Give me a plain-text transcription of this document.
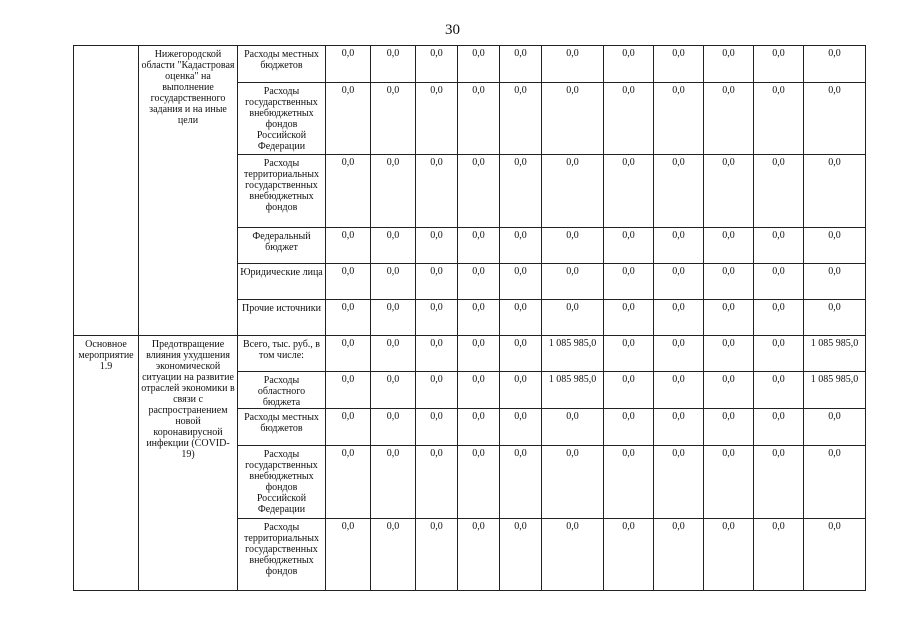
30
	Нижегородской области "Кадастровая оценка" на выполнение государственного задания и на иные цели	Расходы местных бюджетов	0,0	0,0	0,0	0,0	0,0	0,0	0,0	0,0	0,0	0,0	0,0
		Расходы государственных внебюджетных фондов Российской Федерации	0,0	0,0	0,0	0,0	0,0	0,0	0,0	0,0	0,0	0,0	0,0
		Расходы территориальных государственных внебюджетных фондов	0,0	0,0	0,0	0,0	0,0	0,0	0,0	0,0	0,0	0,0	0,0
		Федеральный бюджет	0,0	0,0	0,0	0,0	0,0	0,0	0,0	0,0	0,0	0,0	0,0
		Юридические лица	0,0	0,0	0,0	0,0	0,0	0,0	0,0	0,0	0,0	0,0	0,0
		Прочие источники	0,0	0,0	0,0	0,0	0,0	0,0	0,0	0,0	0,0	0,0	0,0
Основное мероприятие 1.9	Предотвращение влияния ухудшения экономической ситуации на развитие отраслей экономики в связи с распространением новой коронавирусной инфекции (COVID-19)	Всего, тыс. руб., в том числе:	0,0	0,0	0,0	0,0	0,0	1 085 985,0	0,0	0,0	0,0	0,0	1 085 985,0
		Расходы областного бюджета	0,0	0,0	0,0	0,0	0,0	1 085 985,0	0,0	0,0	0,0	0,0	1 085 985,0
		Расходы местных бюджетов	0,0	0,0	0,0	0,0	0,0	0,0	0,0	0,0	0,0	0,0	0,0
		Расходы государственных внебюджетных фондов Российской Федерации	0,0	0,0	0,0	0,0	0,0	0,0	0,0	0,0	0,0	0,0	0,0
		Расходы территориальных государственных внебюджетных фондов	0,0	0,0	0,0	0,0	0,0	0,0	0,0	0,0	0,0	0,0	0,0
